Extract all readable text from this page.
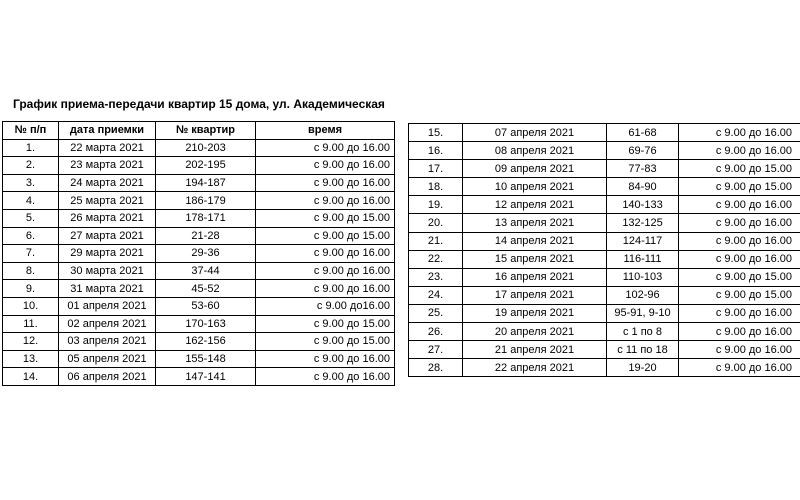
График приема-передачи квартир 15 дома, ул. Академическая
№ п/п	дата приемки	№ квартир	время
1.	22 марта 2021	210-203	с 9.00 до 16.00
2.	23 марта 2021	202-195	с 9.00 до 16.00
3.	24 марта 2021	194-187	с 9.00 до 16.00
4.	25 марта 2021	186-179	с 9.00 до 16.00
5.	26 марта 2021	178-171	с 9.00 до 15.00
6.	27 марта 2021	21-28	с 9.00 до 15.00
7.	29 марта 2021	29-36	с 9.00 до 16.00
8.	30 марта 2021	37-44	с 9.00 до 16.00
9.	31 марта 2021	45-52	с 9.00 до 16.00
10.	01 апреля 2021	53-60	с 9.00 до16.00
11.	02 апреля 2021	170-163	с 9.00 до 15.00
12.	03 апреля 2021	162-156	с 9.00 до 15.00
13.	05 апреля 2021	155-148	с 9.00 до 16.00
14.	06 апреля 2021	147-141	с 9.00 до 16.00
15.	07 апреля 2021	61-68	с 9.00 до 16.00
16.	08 апреля 2021	69-76	с 9.00 до 16.00
17.	09 апреля 2021	77-83	с 9.00 до 15.00
18.	10 апреля 2021	84-90	с 9.00 до 15.00
19.	12 апреля 2021	140-133	с 9.00 до 16.00
20.	13 апреля 2021	132-125	с 9.00 до 16.00
21.	14 апреля 2021	124-117	с 9.00 до 16.00
22.	15 апреля 2021	116-111	с 9.00 до 16.00
23.	16 апреля 2021	110-103	с 9.00 до 15.00
24.	17 апреля 2021	102-96	с 9.00 до 15.00
25.	19 апреля 2021	95-91, 9-10	с 9.00 до 16.00
26.	20 апреля 2021	с 1 по 8	с 9.00 до 16.00
27.	21 апреля 2021	с 11 по 18	с 9.00 до 16.00
28.	22 апреля 2021	19-20	с 9.00 до 16.00
